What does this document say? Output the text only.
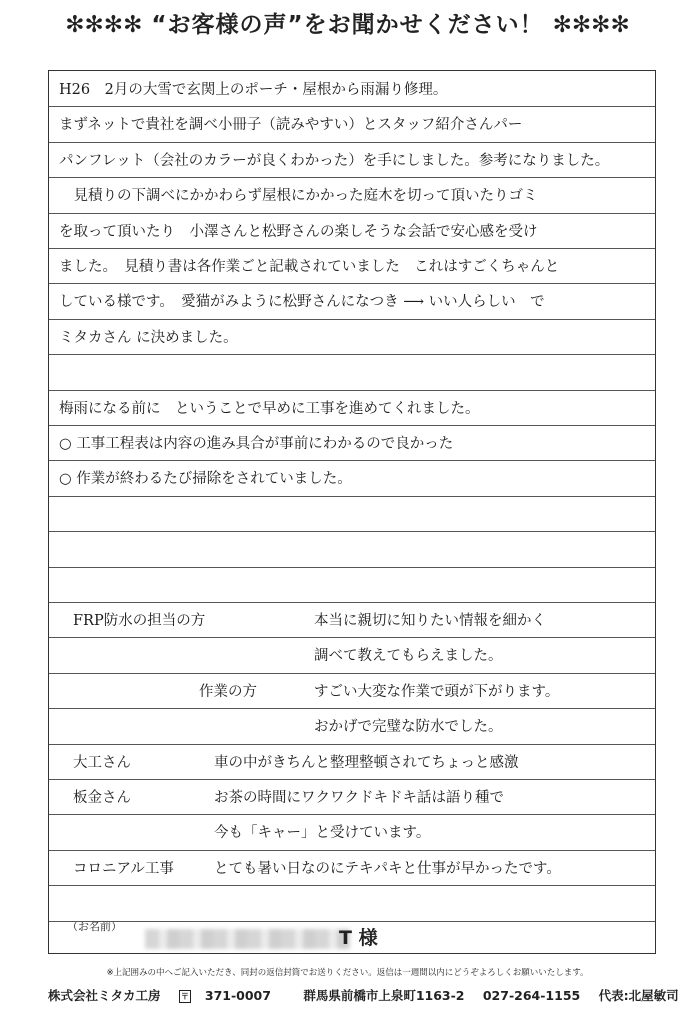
✻✻✻✻ “お客様の声”をお聞かせください！ ✻✻✻✻
（お名前）
T 様
H26　2月の大雪で玄関上のポーチ・屋根から雨漏り修理。
まずネットで貴社を調べ小冊子（読みやすい）とスタッフ紹介さんパー
パンフレット（会社のカラーが良くわかった）を手にしました。参考になりました。
　見積りの下調べにかかわらず屋根にかかった庭木を切って頂いたりゴミ
を取って頂いたり　小澤さんと松野さんの楽しそうな会話で安心感を受け
ました。　見積り書は各作業ごと記載されていました　これはすごくちゃんと
している様です。　愛猫がみように松野さんになつき ⟶ いい人らしい　で
ミタカさん に決めました。
梅雨になる前に　ということで早めに工事を進めてくれました。
○ 工事工程表は内容の進み具合が事前にわかるので良かった
○ 作業が終わるたび掃除をされていました。
FRP防水の担当の方	本当に親切に知りたい情報を細かく
調べて教えてもらえました。
作業の方	すごい大変な作業で頭が下がります。
おかげで完璧な防水でした。
大工さん	車の中がきちんと整理整頓されてちょっと感激
板金さん	お茶の時間にワクワクドキドキ話は語り種で
今も「キャー」と受けています。
コロニアル工事	とても暑い日なのにテキパキと仕事が早かったです。
※上記囲みの中へご記入いただき、同封の返信封筒でお送りください。返信は一週間以内にどうぞよろしくお願いいたします。
株式会社ミタカ工房	〒 371-0007	群馬県前橋市上泉町1163-2 027-264-1155 代表:北屋敏司
